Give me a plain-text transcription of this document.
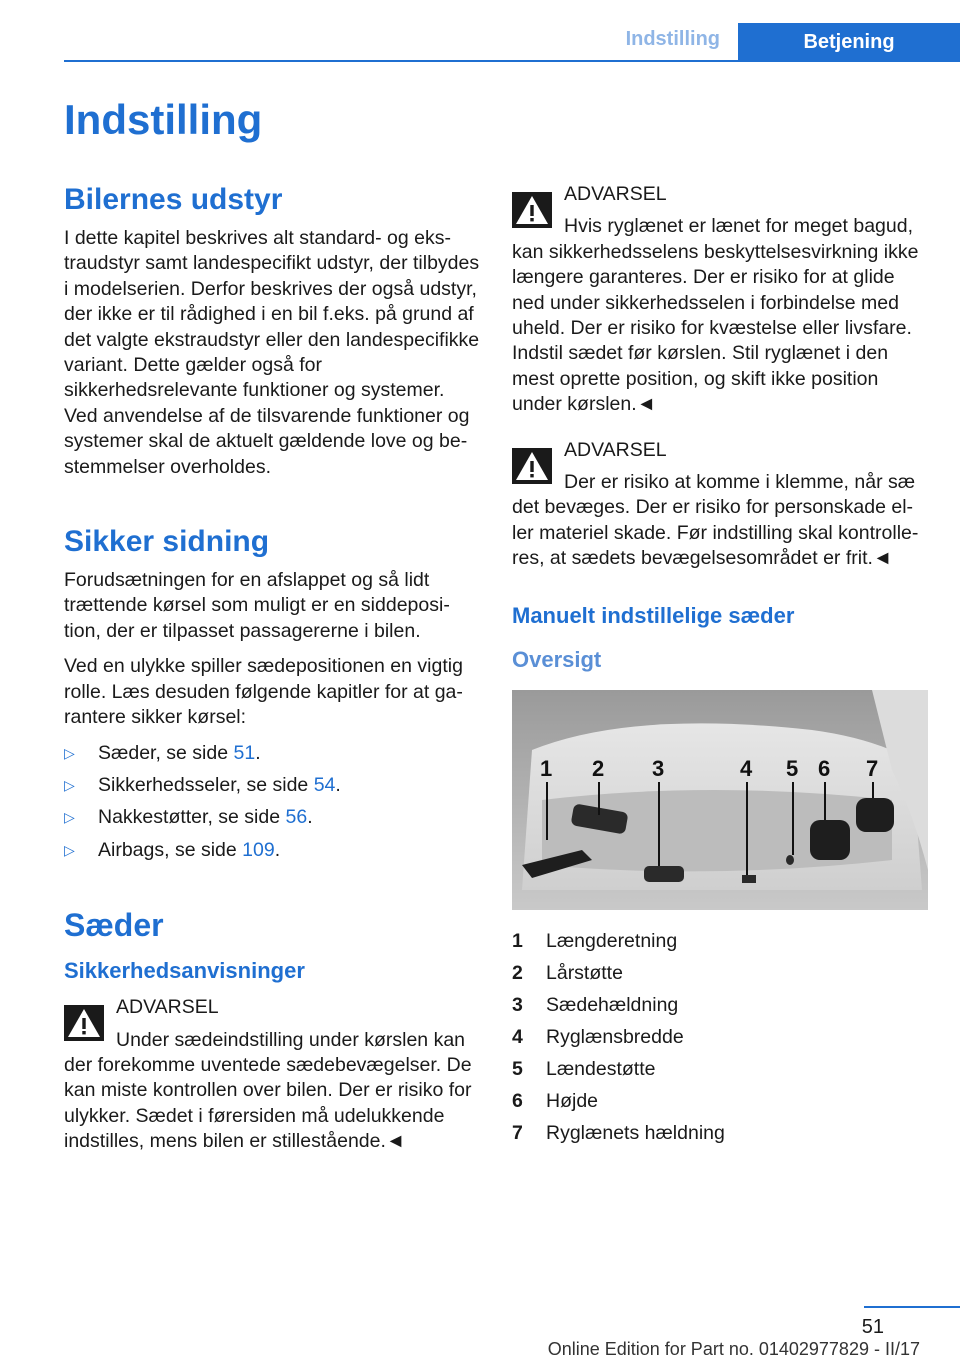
Indstilling	Betjening
Indstilling
Bilernes udstyr

I dette kapitel beskrives alt standard- og ekstraudstyr samt landespecifikt udstyr, der tilbydes i modelserien. Derfor beskrives der også udstyr, der ikke er til rådighed i en bil f.eks. på grund af det valgte ekstraudstyr eller den landespecifikke variant. Dette gælder også for sikkerhedsrelevante funktioner og systemer. Ved anvendelse af de tilsvarende funktioner og systemer skal de aktuelt gældende love og bestemmelser overholdes.

Sikker sidning

Forudsætningen for en afslappet og så lidt trættende kørsel som muligt er en siddeposition, der er tilpasset passagererne i bilen.

Ved en ulykke spiller sædepositionen en vigtig rolle. Læs desuden følgende kapitler for at garantere sikker kørsel:

▷ Sæder, se side 51.
▷ Sikkerhedsseler, se side 54.
▷ Nakkestøtter, se side 56.
▷ Airbags, se side 109.
Sæder
Sikkerhedsanvisninger
ADVARSEL
Under sædeindstilling under kørslen kan
der forekomme uventede sædebevægelser. De kan miste kontrollen over bilen. Der er risiko for ulykker. Sædet i førersiden må udelukkende indstilles, mens bilen er stillestående.◄
ADVARSEL
Hvis ryglænet er lænet for meget bagud,
kan sikkerhedsselens beskyttelsesvirkning ikke længere garanteres. Der er risiko for at glide ned under sikkerhedsselen i forbindelse med uheld. Der er risiko for kvæstelse eller livsfare. Indstil sædet før kørslen. Stil ryglænet i den mest oprette position, og skift ikke position under kørslen.◄
ADVARSEL
Der er risiko at komme i klemme, når sæ
det bevæges. Der er risiko for personskade eller materiel skade. Før indstilling skal kontrolleres, at sædets bevægelsesområdet er frit.◄
Manuelt indstillelige sæder
Oversigt
1 2 3	4 5 6 7
1 Længderetning
2 Lårstøtte
3 Sædehældning
4 Ryglænsbredde
5 Lændestøtte
6 Højde
7 Ryglænets hældning
51
Online Edition for Part no. 01402977829 - II/17
